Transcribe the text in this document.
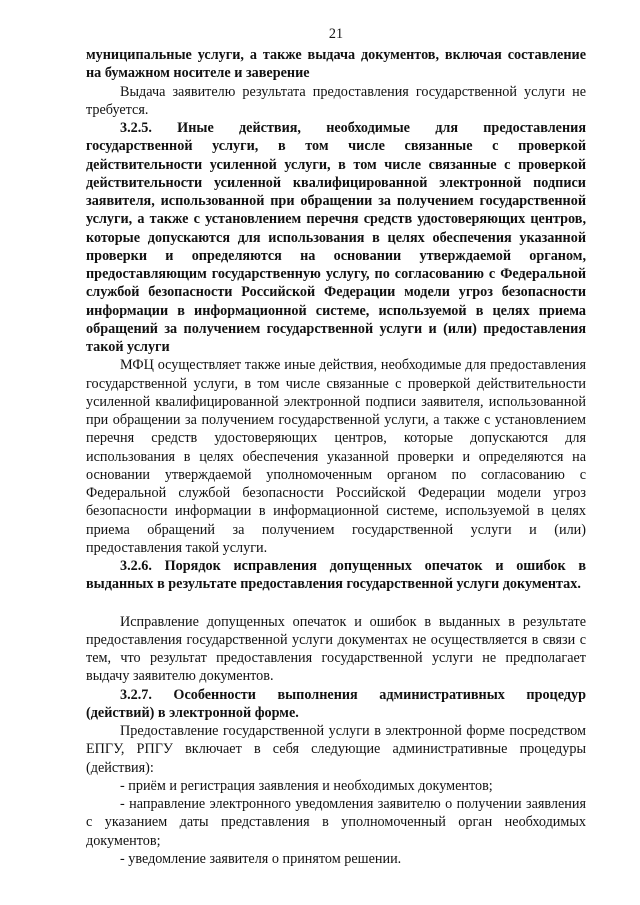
21

муниципальные услуги, а также выдача документов, включая составление на бумажном носителе и заверение

Выдача заявителю результата предоставления государственной услуги не требуется.

3.2.5. Иные действия, необходимые для предоставления государственной услуги, в том числе связанные с проверкой действительности усиленной услуги, в том числе связанные с проверкой действительности усиленной квалифицированной электронной подписи заявителя, использованной при обращении за получением государственной услуги, а также с установлением перечня средств удостоверяющих центров, которые допускаются для использования в целях обеспечения указанной проверки и определяются на основании утверждаемой органом, предоставляющим государственную услугу, по согласованию с Федеральной службой безопасности Российской Федерации модели угроз безопасности информации в информационной системе, используемой в целях приема обращений за получением государственной услуги и (или) предоставления такой услуги

МФЦ осуществляет также иные действия, необходимые для предоставления государственной услуги, в том числе связанные с проверкой действительности усиленной квалифицированной электронной подписи заявителя, использованной при обращении за получением государственной услуги, а также с установлением перечня средств удостоверяющих центров, которые допускаются для использования в целях обеспечения указанной проверки и определяются на основании утверждаемой уполномоченным органом по согласованию с Федеральной службой безопасности Российской Федерации модели угроз безопасности информации в информационной системе, используемой в целях приема обращений за получением государственной услуги и (или) предоставления такой услуги.

3.2.6. Порядок исправления допущенных опечаток и ошибок в выданных в результате предоставления государственной услуги документах.

Исправление допущенных опечаток и ошибок в выданных в результате предоставления государственной услуги документах не осуществляется в связи с тем, что результат предоставления государственной услуги не предполагает выдачу заявителю документов.

3.2.7. Особенности выполнения административных процедур (действий) в электронной форме.

Предоставление государственной услуги в электронной форме посредством ЕПГУ, РПГУ включает в себя следующие административные процедуры (действия):

- приём и регистрация заявления и необходимых документов;

- направление электронного уведомления заявителю о получении заявления с указанием даты представления в уполномоченный орган необходимых документов;

- уведомление заявителя о принятом решении.
